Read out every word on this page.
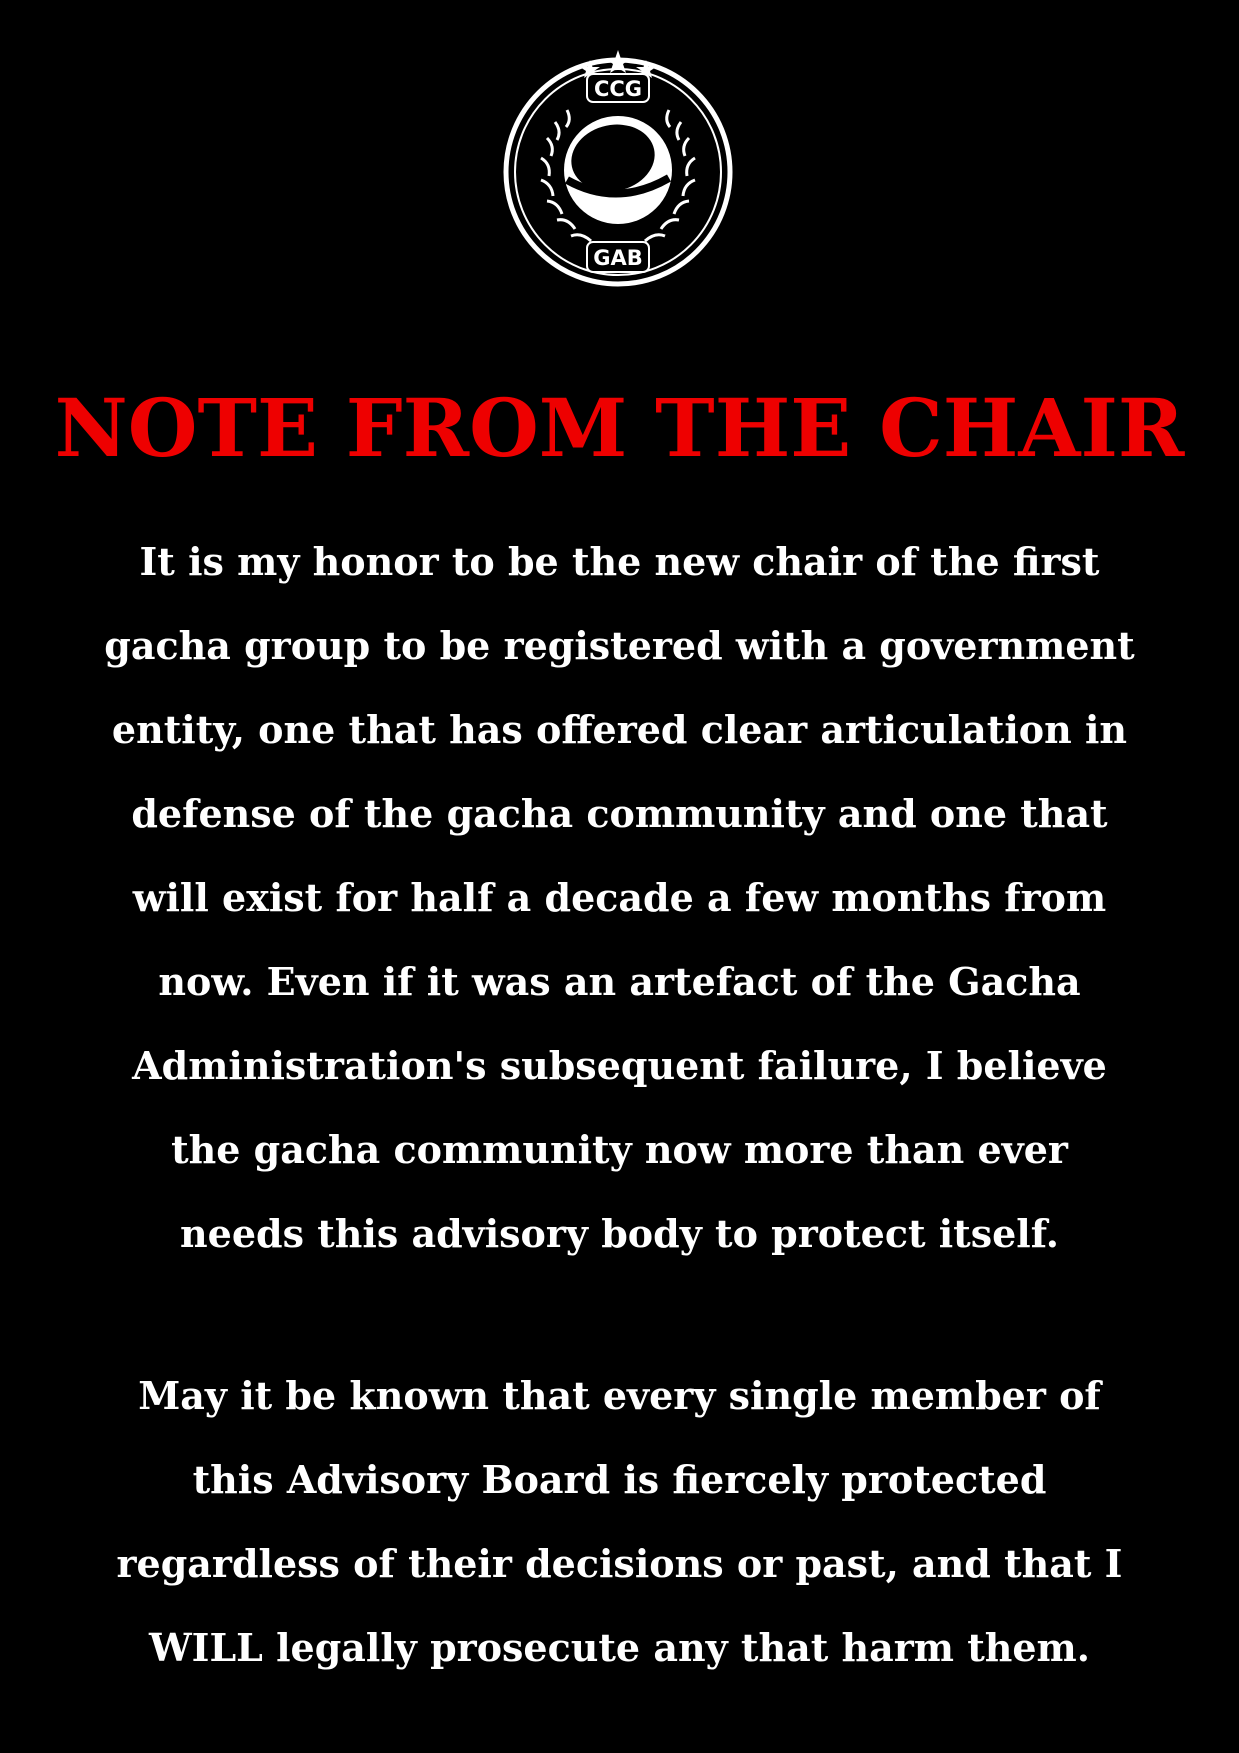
CCG
GAB
NOTE FROM THE CHAIR

It is my honor to be the new chair of the first
gacha group to be registered with a government
entity, one that has offered clear articulation in
defense of the gacha community and one that
will exist for half a decade a few months from
now. Even if it was an artefact of the Gacha
Administration's subsequent failure, I believe
the gacha community now more than ever
needs this advisory body to protect itself.

May it be known that every single member of
this Advisory Board is fiercely protected
regardless of their decisions or past, and that I
WILL legally prosecute any that harm them.
